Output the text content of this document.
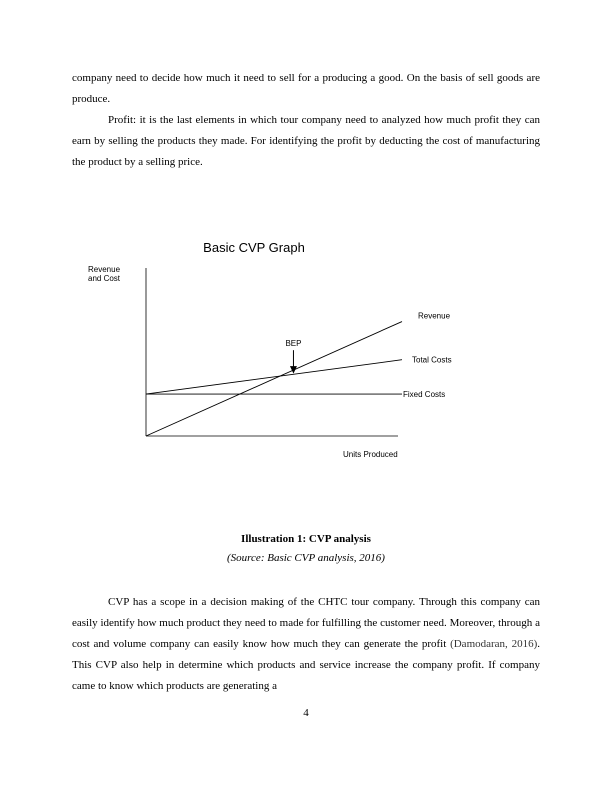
company need to decide how much it need to sell for a producing a good. On the basis of sell goods are produce.

Profit: it is the last elements in which tour company need to analyzed how much profit they can earn by selling the products they made. For identifying the profit by deducting the cost of manufacturing the product by a selling price.

Basic CVP Graph
Revenue
and Cost
Units Produced
Revenue
Total Costs
Fixed Costs
BEP

Illustration 1: CVP analysis

(Source: Basic CVP analysis, 2016)

CVP has a scope in a decision making of the CHTC tour company. Through this company can easily identify how much product they need to made for fulfilling the customer need. Moreover, through a cost and volume company can easily know how much they can generate the profit (Damodaran, 2016). This CVP also help in determine which products and service increase the company profit. If company came to know which products are generating a

4
